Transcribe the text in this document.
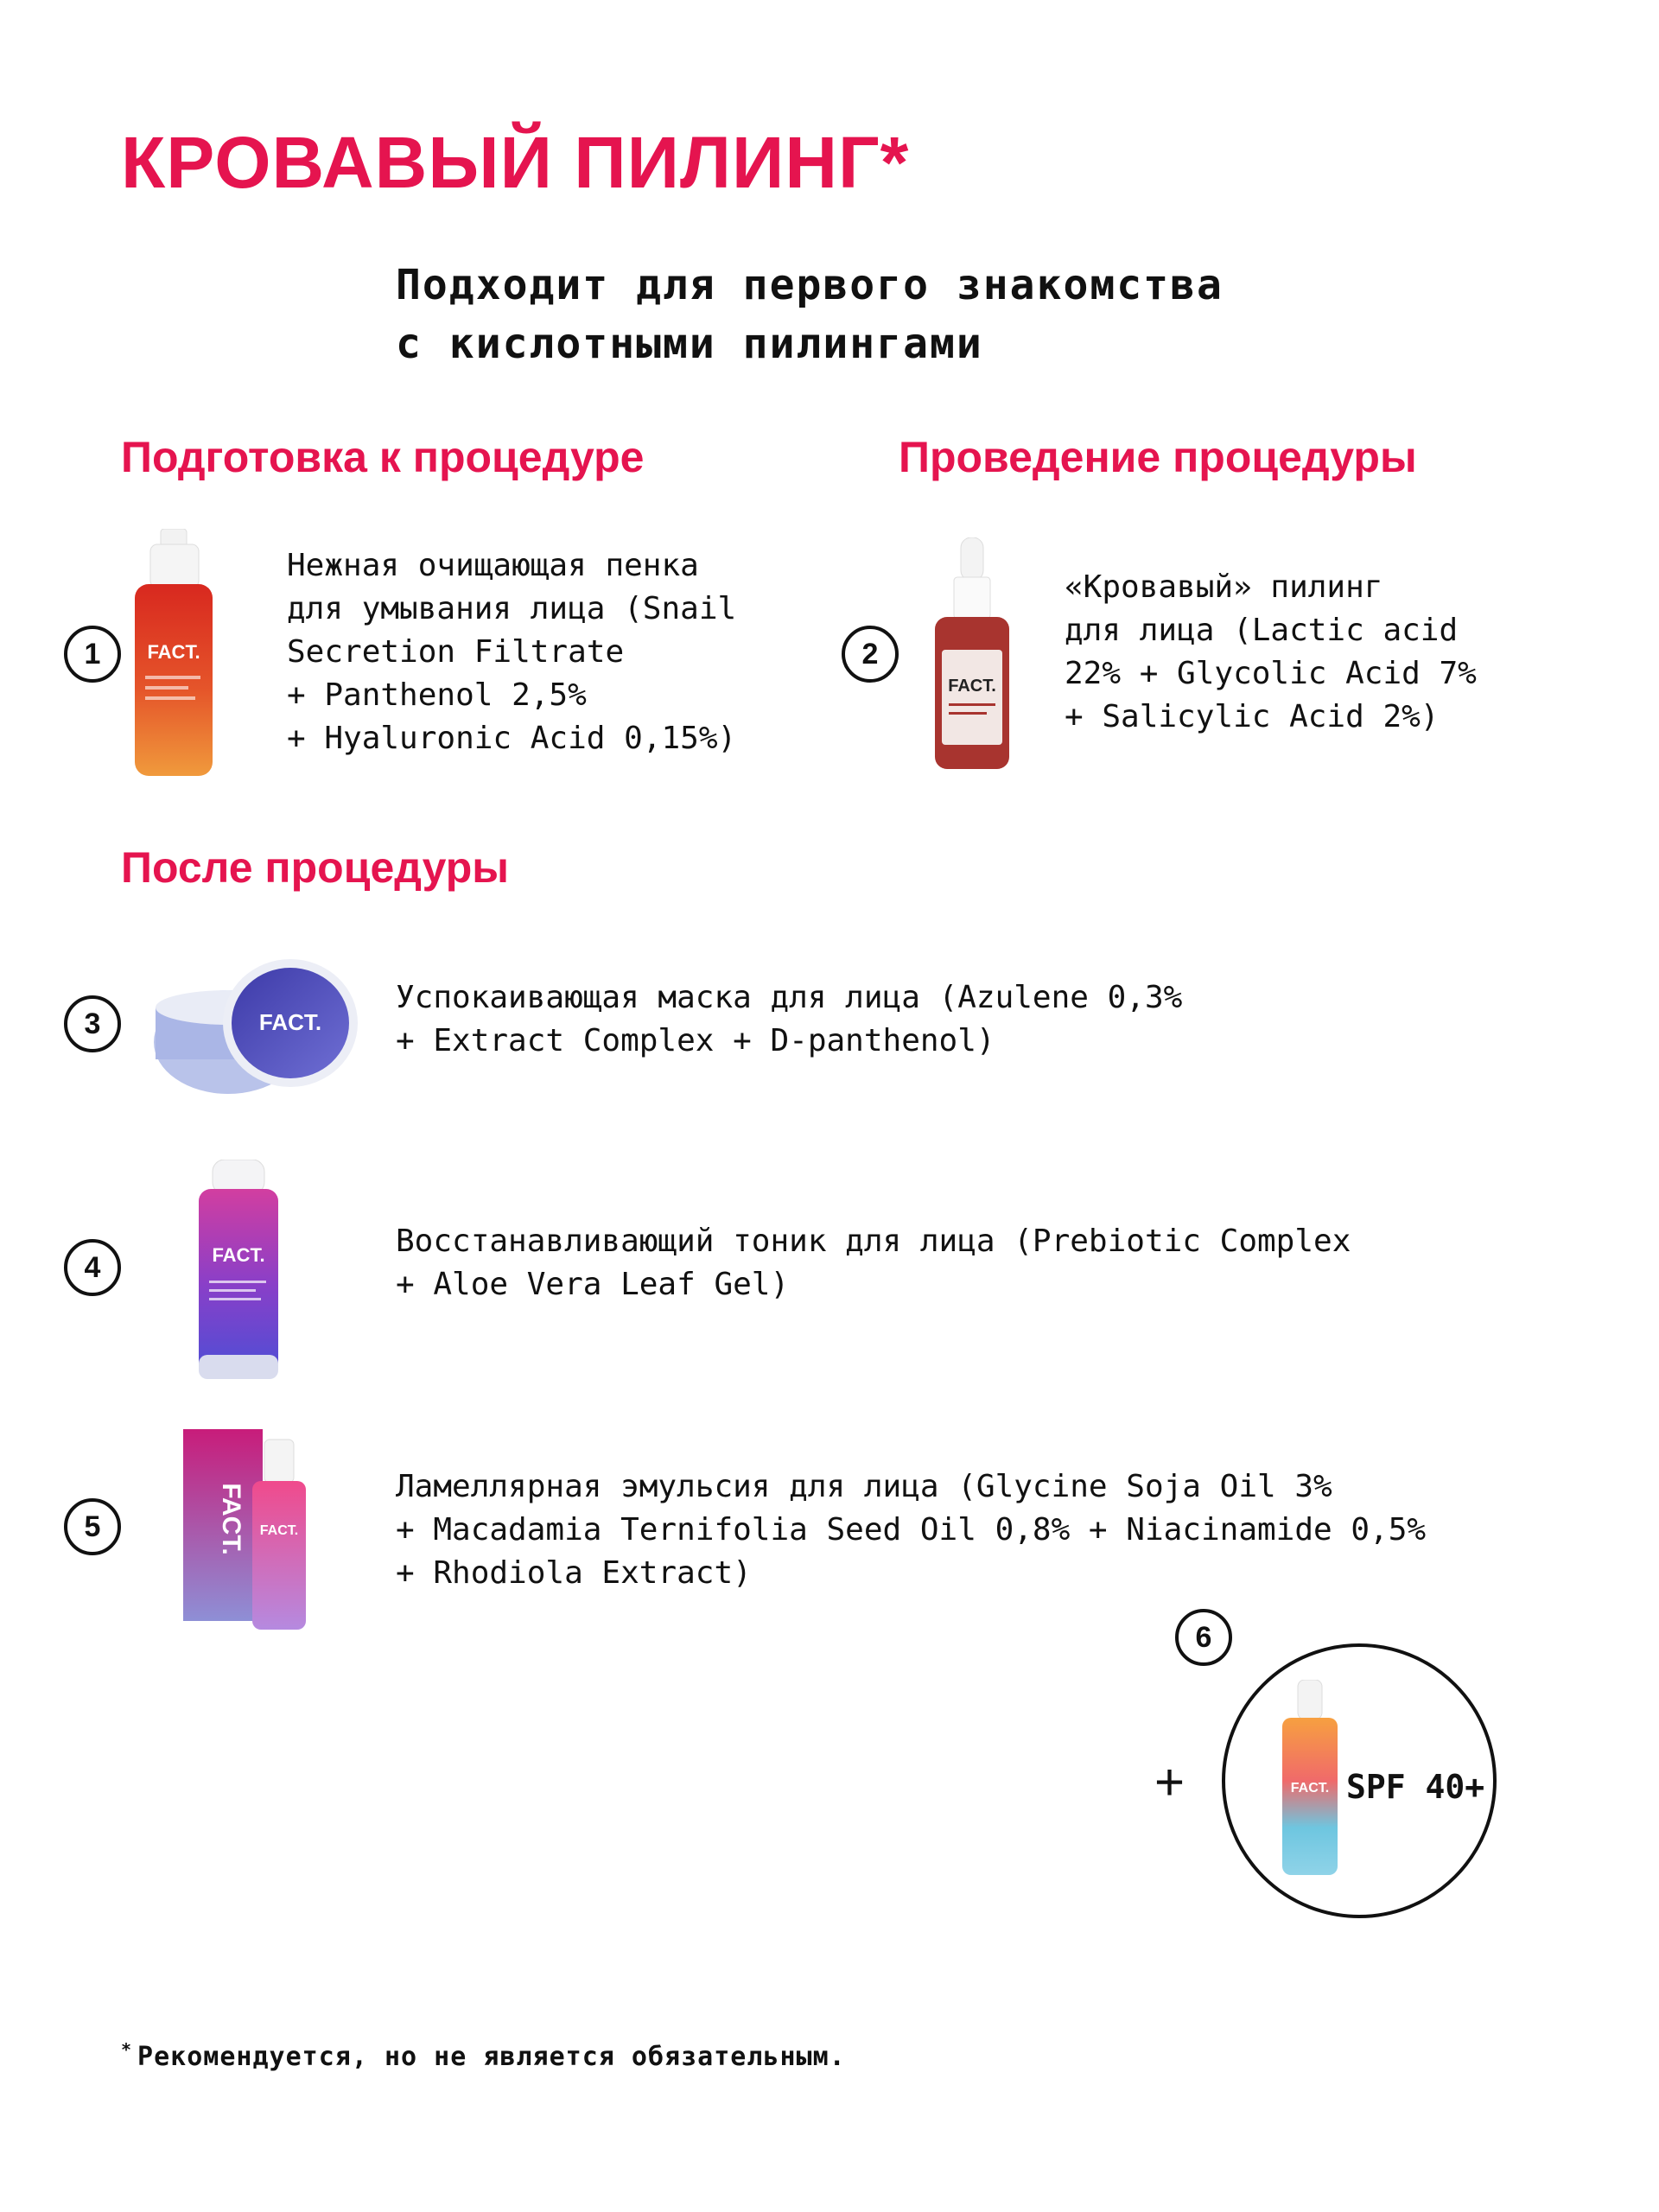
КРОВАВЫЙ ПИЛИНГ*
Подходит для первого знакомства
с кислотными пилингами
Подготовка к процедуре	Проведение процедуры
После процедуры
1	FACT.
Нежная очищающая пенка
для умывания лица (Snail
Secretion Filtrate
+ Panthenol 2,5%
+ Hyaluronic Acid 0,15%)
2
FACT.
«Кровавый» пилинг
для лица (Lactic acid
22% + Glycolic Acid 7%
+ Salicylic Acid 2%)
3	FACT.
Успокаивающая маска для лица (Azulene 0,3%
+ Extract Complex + D-panthenol)
4	FACT.	Восстанавливающий тоник для лица (Prebiotic Complex
+ Aloe Vera Leaf Gel)
5	FACT. FACT.
Ламеллярная эмульсия для лица (Glycine Soja Oil 3%
+ Macadamia Ternifolia Seed Oil 0,8% + Niacinamide 0,5%
+ Rhodiola Extract)
6
+	FACT. SPF 40+
* Рекомендуется, но не является обязательным.
